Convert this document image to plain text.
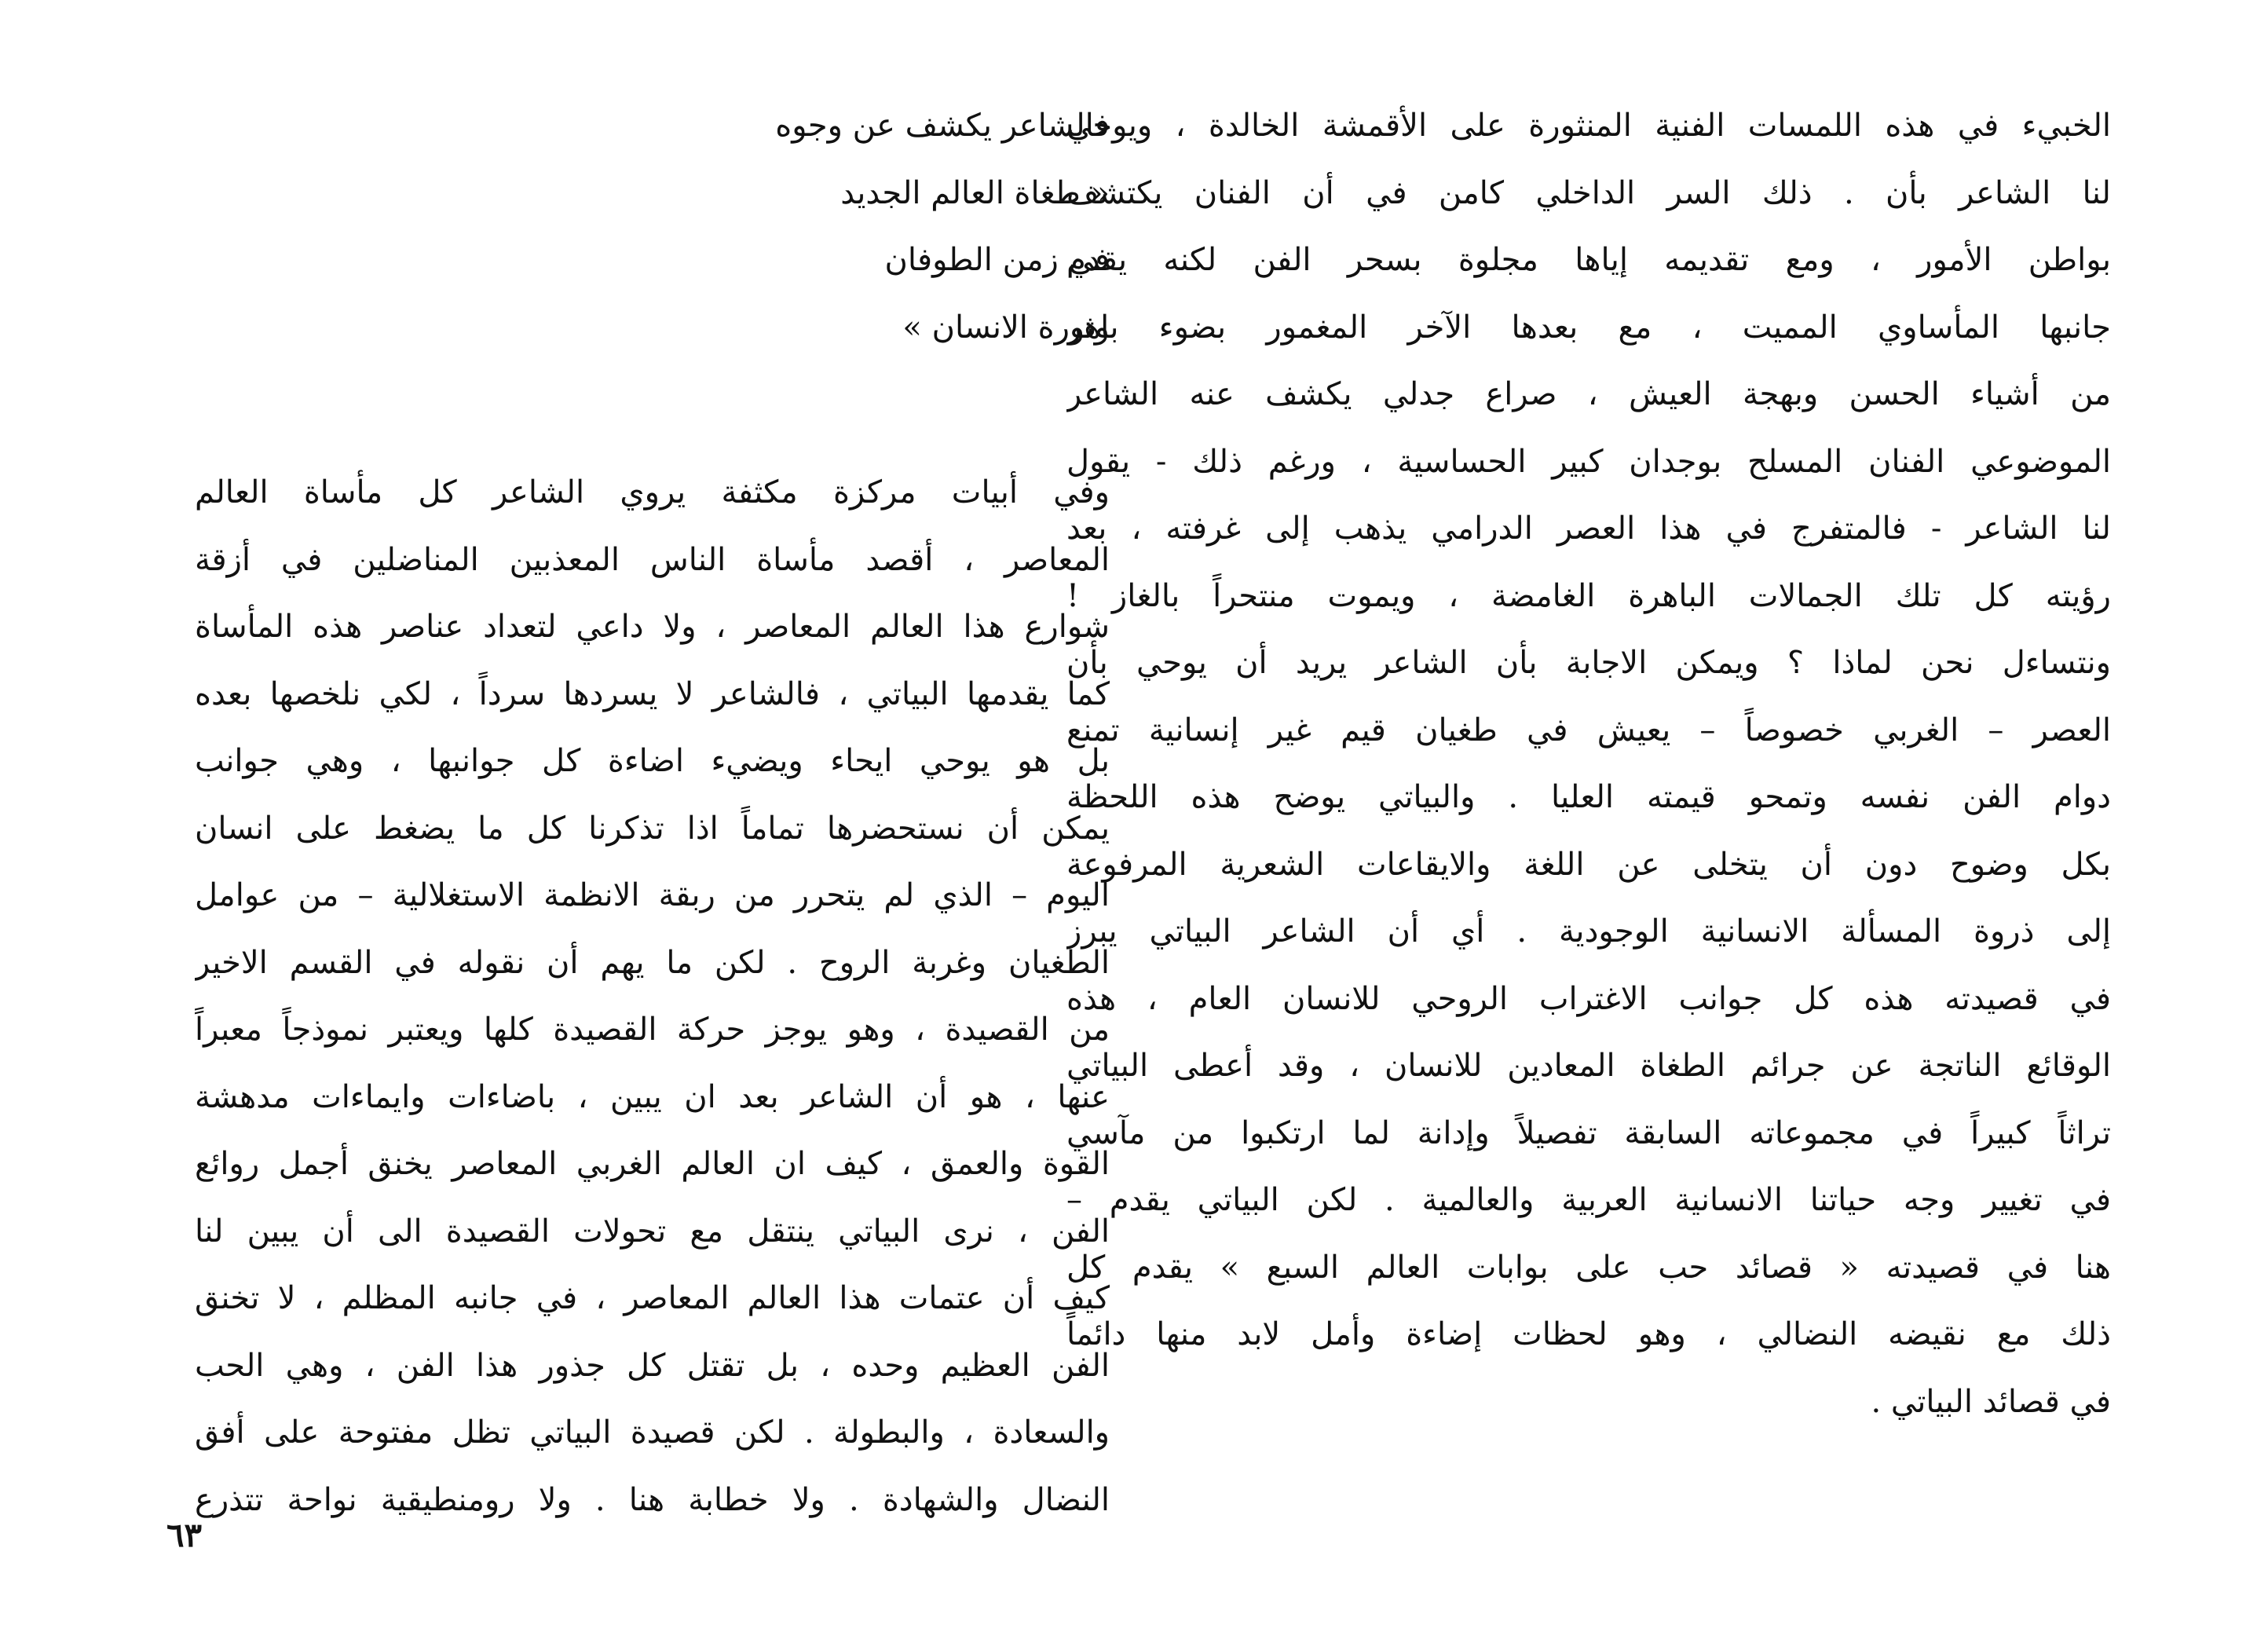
الخبيء في هذه اللمسات الفنية المنثورة على الأقمشة الخالدة ، ويوحي
لنا الشاعر بأن . ذلك السر الداخلي كامن في أن الفنان يكتشف
بواطن الأمور ، ومع تقديمه إياها مجلوة بسحر الفن لكنه يقدم
جانبها المأساوي المميت ، مع بعدها الآخر المغمور بضوء باهر
من أشياء الحسن وبهجة العيش ، صراع جدلي يكشف عنه الشاعر
الموضوعي الفنان المسلح بوجدان كبير الحساسية ، ورغم ذلك - يقول
لنا الشاعر - فالمتفرج في هذا العصر الدرامي يذهب إلى غرفته ، بعد
رؤيته كل تلك الجمالات الباهرة الغامضة ، ويموت منتحراً بالغاز !
ونتساءل نحن لماذا ؟ ويمكن الاجابة بأن الشاعر يريد أن يوحي بأن
العصر – الغربي خصوصاً – يعيش في طغيان قيم غير إنسانية تمنع
دوام الفن نفسه وتمحو قيمته العليا . والبياتي يوضح هذه اللحظة
بكل وضوح دون أن يتخلى عن اللغة والايقاعات الشعرية المرفوعة
إلى ذروة المسألة الانسانية الوجودية . أي أن الشاعر البياتي يبرز
في قصيدته هذه كل جوانب الاغتراب الروحي للانسان العام ، هذه
الوقائع الناتجة عن جرائم الطغاة المعادين للانسان ، وقد أعطى البياتي
تراثاً كبيراً في مجموعاته السابقة تفصيلاً وإدانة لما ارتكبوا من مآسي
في تغيير وجه حياتنا الانسانية العربية والعالمية . لكن البياتي يقدم –
هنا في قصيدته « قصائد حب على بوابات العالم السبع » يقدم كل
ذلك مع نقيضه النضالي ، وهو لحظات إضاءة وأمل لابد منها دائماً
في قصائد البياتي .
فالشاعر يكشف عن وجوه
« طغاة العالم الجديد
في زمن الطوفان
وثورة الانسان »
وفي أبيات مركزة مكثفة يروي الشاعر كل مأساة العالم
المعاصر ، أقصد مأساة الناس المعذبين المناضلين في أزقة
شوارع هذا العالم المعاصر ، ولا داعي لتعداد عناصر هذه المأساة
كما يقدمها البياتي ، فالشاعر لا يسردها سرداً ، لكي نلخصها بعده
بل هو يوحي ايحاء ويضيء اضاءة كل جوانبها ، وهي جوانب
يمكن أن نستحضرها تماماً اذا تذكرنا كل ما يضغط على انسان
اليوم – الذي لم يتحرر من ربقة الانظمة الاستغلالية – من عوامل
الطغيان وغربة الروح . لكن ما يهم أن نقوله في القسم الاخير
من القصيدة ، وهو يوجز حركة القصيدة كلها ويعتبر نموذجاً معبراً
عنها ، هو أن الشاعر بعد ان يبين ، باضاءات وايماءات مدهشة
القوة والعمق ، كيف ان العالم الغربي المعاصر يخنق أجمل روائع
الفن ، نرى البياتي ينتقل مع تحولات القصيدة الى أن يبين لنا
كيف أن عتمات هذا العالم المعاصر ، في جانبه المظلم ، لا تخنق
الفن العظيم وحده ، بل تقتل كل جذور هذا الفن ، وهي الحب
والسعادة ، والبطولة . لكن قصيدة البياتي تظل مفتوحة على أفق
النضال والشهادة . ولا خطابة هنا . ولا رومنطيقية نواحة تتذرع
٦٣
